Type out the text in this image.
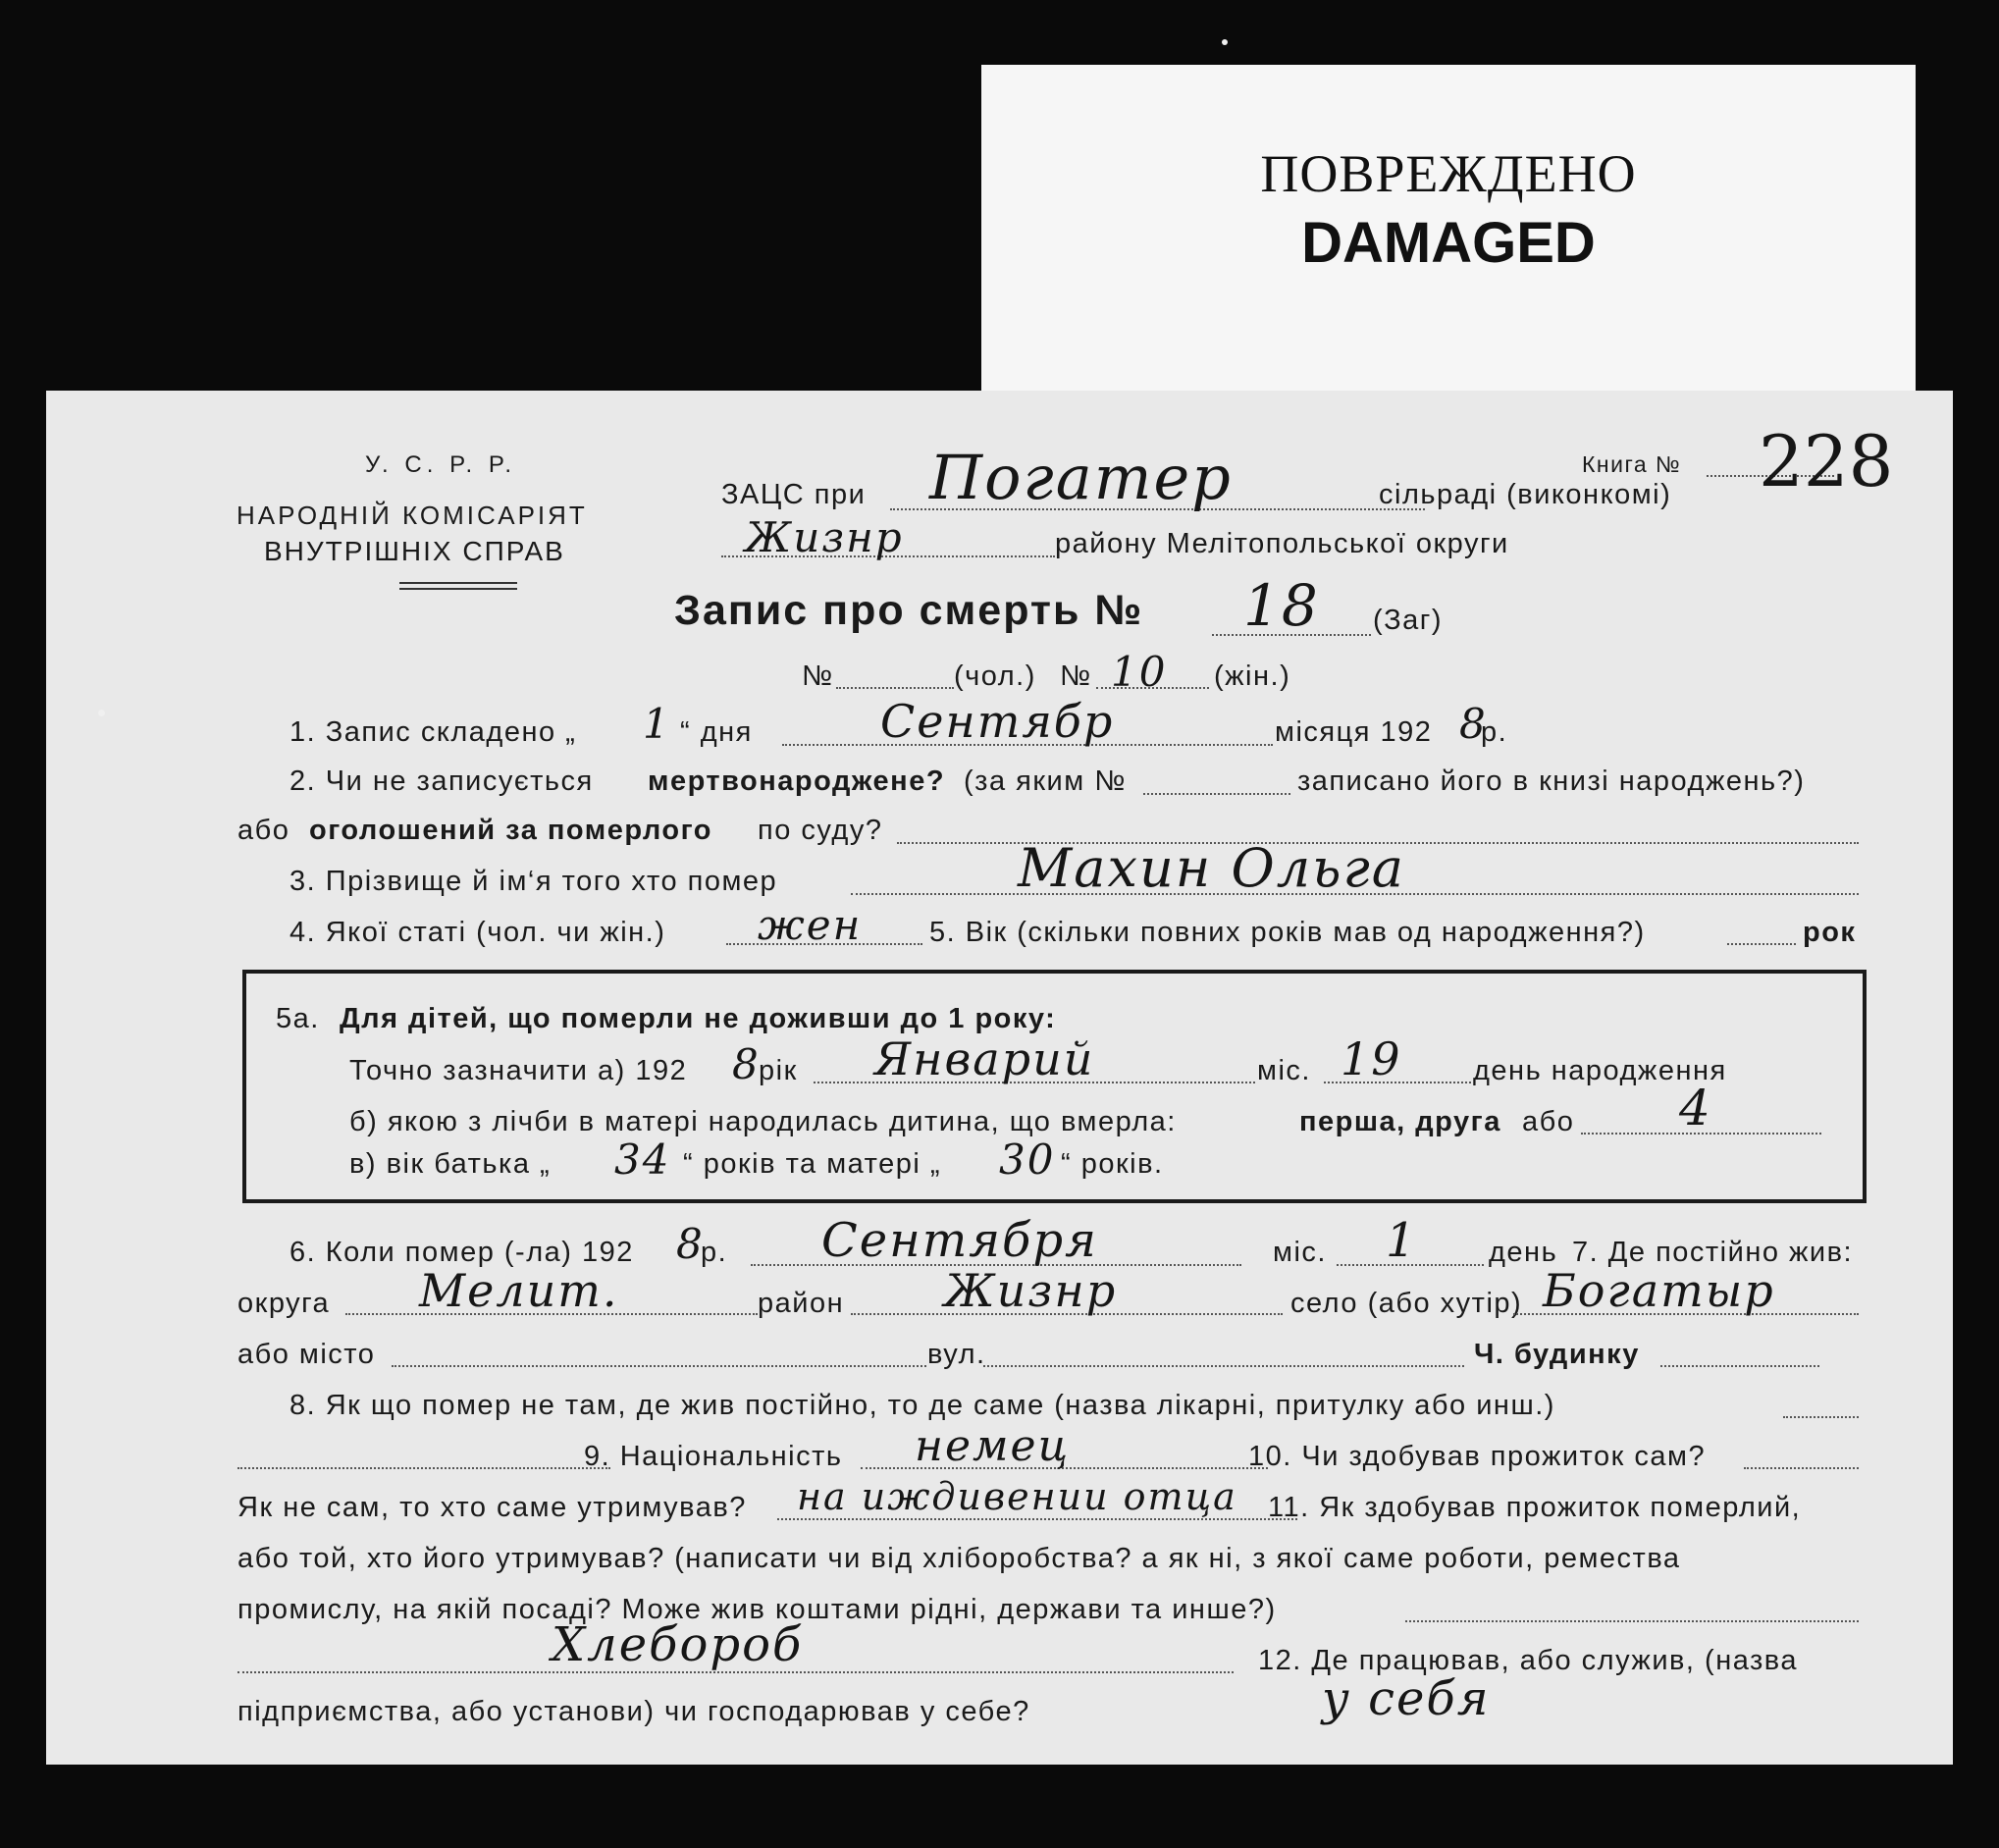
ПОВРЕЖДЕНО
DAMAGED
У. С. Р. Р.
НАРОДНІЙ КОМІСАРІЯТ
ВНУТРІШНІХ СПРАВ
Книга № 228
ЗАЦС при Погатер	сільраді (виконкомі)
Жизнр	району Мелітопольської округи
Запис про смерть № 18 (Заг)
№	(чол.) № 10 (жін.)
1. Запис складено „ 1 “ дня	Сентябр	місяця 192 8
р.
2. Чи не записується мертвонароджене? (за яким №	записано його в книзі народжень?)
або оголошений за померлого по суду?
3. Прізвище й ім‘я того хто помер	Махин Ольга
4. Якої статі (чол. чи жін.) жен 5. Вік (скільки повних років мав од народження?)	рок
5а. Для дітей, що померли не доживши до 1 року:
Точно зазначити а) 192 8
рік Январий	міс. 19 день народження
б) якою з лічби в матері народилась дитина, що вмерла:	перша, друга або 4
в) вік батька „ 34 “ років та матері „ 30 “ років.
6. Коли помер (-ла) 192 8
р. Сентября	міс. 1 день 7. Де постійно жив:
округа Мелит.	район Жизнр	село (або хутір) Богатыр
або місто	вул.	Ч. будинку
8. Як що помер не там, де жив постійно, то де саме (назва лікарні, притулку або инш.)
9. Національність немец	10. Чи здобував прожиток сам?
Як не сам, то хто саме утримував? на иждивении отца 11. Як здобував прожиток померлий,
або той, хто його утримував? (написати чи від хліборобства? а як ні, з якої саме роботи, ремества
промислу, на якій посаді? Може жив коштами рідні, держави та инше?)
Хлебороб	12. Де працював, або служив, (назва
підприємства, або установи) чи господарював у себе?	у себя
